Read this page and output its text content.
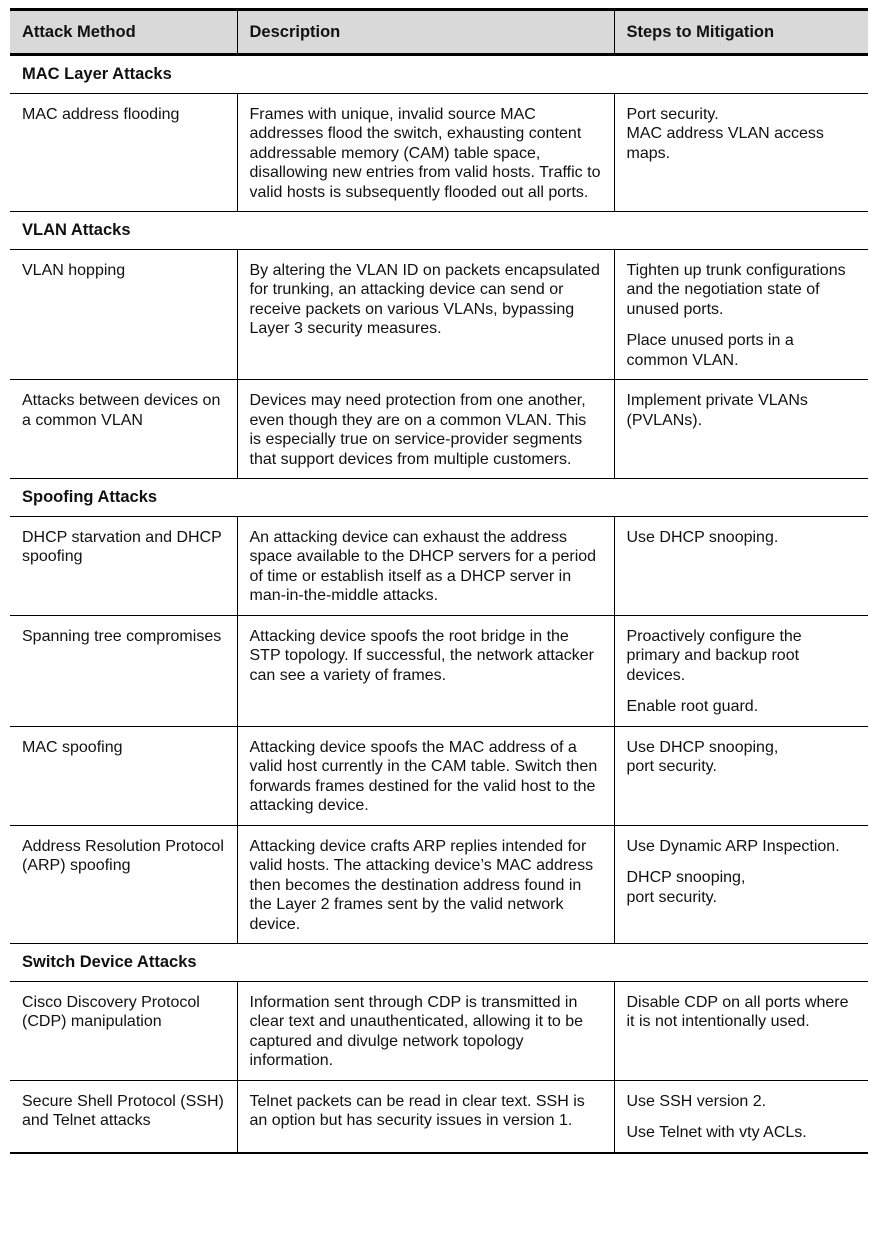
Attack Method	Description	Steps to Mitigation
MAC Layer Attacks		
MAC address flooding	Frames with unique, invalid source MAC addresses flood the switch, exhausting content addressable memory (CAM) table space, disallowing new entries from valid hosts. Traffic to valid hosts is subsequently flooded out all ports.	Port security.
MAC address VLAN access maps.

VLAN Attacks		
VLAN hopping	By altering the VLAN ID on packets encapsulated for trunking, an attacking device can send or receive packets on various VLANs, bypassing Layer 3 security measures.	Tighten up trunk configurations and the negotiation state of unused ports.

Place unused ports in a common VLAN.

Attacks between devices on a common VLAN	Devices may need protection from one another, even though they are on a common VLAN. This is especially true on service-provider segments that support devices from multiple customers.	Implement private VLANs (PVLANs).

Spoofing Attacks		
DHCP starvation and DHCP spoofing	An attacking device can exhaust the address space available to the DHCP servers for a period of time or establish itself as a DHCP server in man-in-the-middle attacks.	Use DHCP snooping.

Spanning tree compromises	Attacking device spoofs the root bridge in the STP topology. If successful, the network attacker can see a variety of frames.	Proactively configure the primary and backup root devices.

Enable root guard.

MAC spoofing	Attacking device spoofs the MAC address of a valid host currently in the CAM table. Switch then forwards frames destined for the valid host to the attacking device.	Use DHCP snooping,
port security.

Address Resolution Protocol (ARP) spoofing	Attacking device crafts ARP replies intended for valid hosts. The attacking device’s MAC address then becomes the destination address found in the Layer 2 frames sent by the valid network device.	Use Dynamic ARP Inspection.

DHCP snooping,
port security.

Switch Device Attacks		
Cisco Discovery Protocol (CDP) manipulation	Information sent through CDP is transmitted in clear text and unauthenticated, allowing it to be captured and divulge network topology information.	Disable CDP on all ports where it is not intentionally used.

Secure Shell Protocol (SSH) and Telnet attacks	Telnet packets can be read in clear text. SSH is an option but has security issues in version 1.	Use SSH version 2.

Use Telnet with vty ACLs.
